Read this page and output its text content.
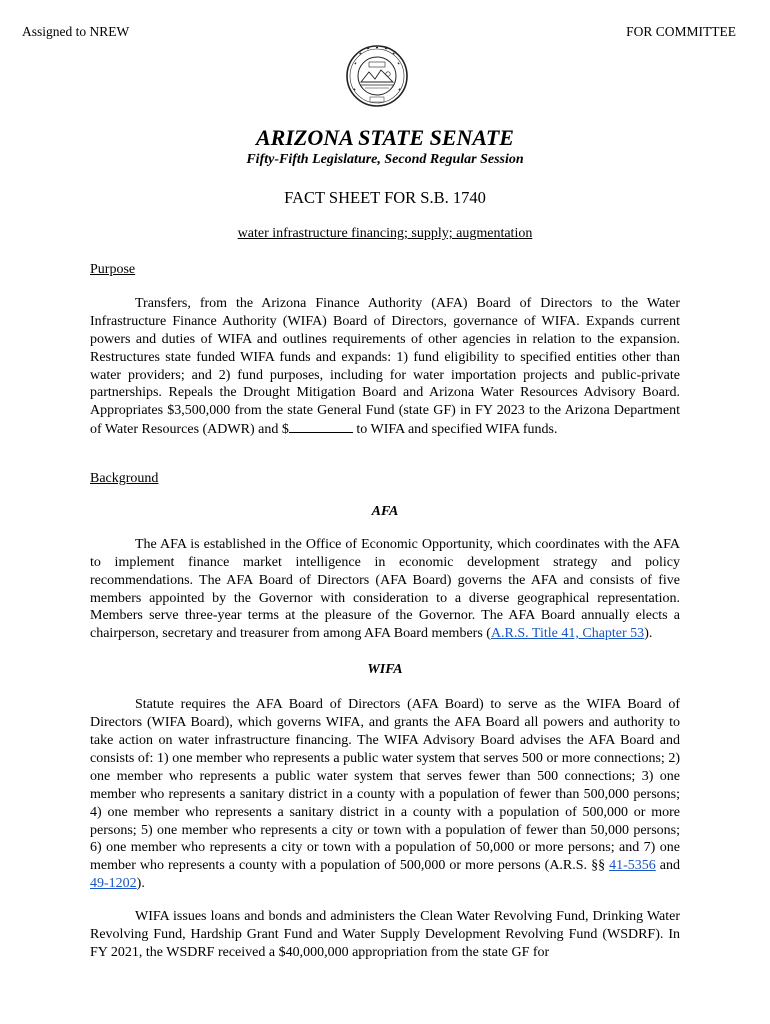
Assigned to NREW	FOR COMMITTEE
ARIZONA STATE SENATE
Fifty-Fifth Legislature, Second Regular Session
FACT SHEET FOR S.B. 1740
water infrastructure financing; supply; augmentation

Purpose

Transfers, from the Arizona Finance Authority (AFA) Board of Directors to the Water Infrastructure Finance Authority (WIFA) Board of Directors, governance of WIFA. Expands current powers and duties of WIFA and outlines requirements of other agencies in relation to the expansion. Restructures state funded WIFA funds and expands: 1) fund eligibility to specified entities other than water providers; and 2) fund purposes, including for water importation projects and public-private partnerships. Repeals the Drought Mitigation Board and Arizona Water Resources Advisory Board. Appropriates $3,500,000 from the state General Fund (state GF) in FY 2023 to the Arizona Department of Water Resources (ADWR) and $	to WIFA and specified WIFA funds.

Background

AFA

The AFA is established in the Office of Economic Opportunity, which coordinates with the AFA to implement finance market intelligence in economic development strategy and policy recommendations. The AFA Board of Directors (AFA Board) governs the AFA and consists of five members appointed by the Governor with consideration to a diverse geographical representation. Members serve three-year terms at the pleasure of the Governor. The AFA Board annually elects a chairperson, secretary and treasurer from among AFA Board members (A.R.S. Title 41, Chapter 53).

WIFA

Statute requires the AFA Board of Directors (AFA Board) to serve as the WIFA Board of Directors (WIFA Board), which governs WIFA, and grants the AFA Board all powers and authority to take action on water infrastructure financing. The WIFA Advisory Board advises the AFA Board and consists of: 1) one member who represents a public water system that serves 500 or more connections; 2) one member who represents a public water system that serves fewer than 500 connections; 3) one member who represents a sanitary district in a county with a population of fewer than 500,000 persons; 4) one member who represents a sanitary district in a county with a population of 500,000 or more persons; 5) one member who represents a city or town with a population of fewer than 50,000 persons; 6) one member who represents a city or town with a population of 50,000 or more persons; and 7) one member who represents a county with a population of 500,000 or more persons (A.R.S. §§ 41-5356 and 49-1202).

WIFA issues loans and bonds and administers the Clean Water Revolving Fund, Drinking Water Revolving Fund, Hardship Grant Fund and Water Supply Development Revolving Fund (WSDRF). In FY 2021, the WSDRF received a $40,000,000 appropriation from the state GF for
